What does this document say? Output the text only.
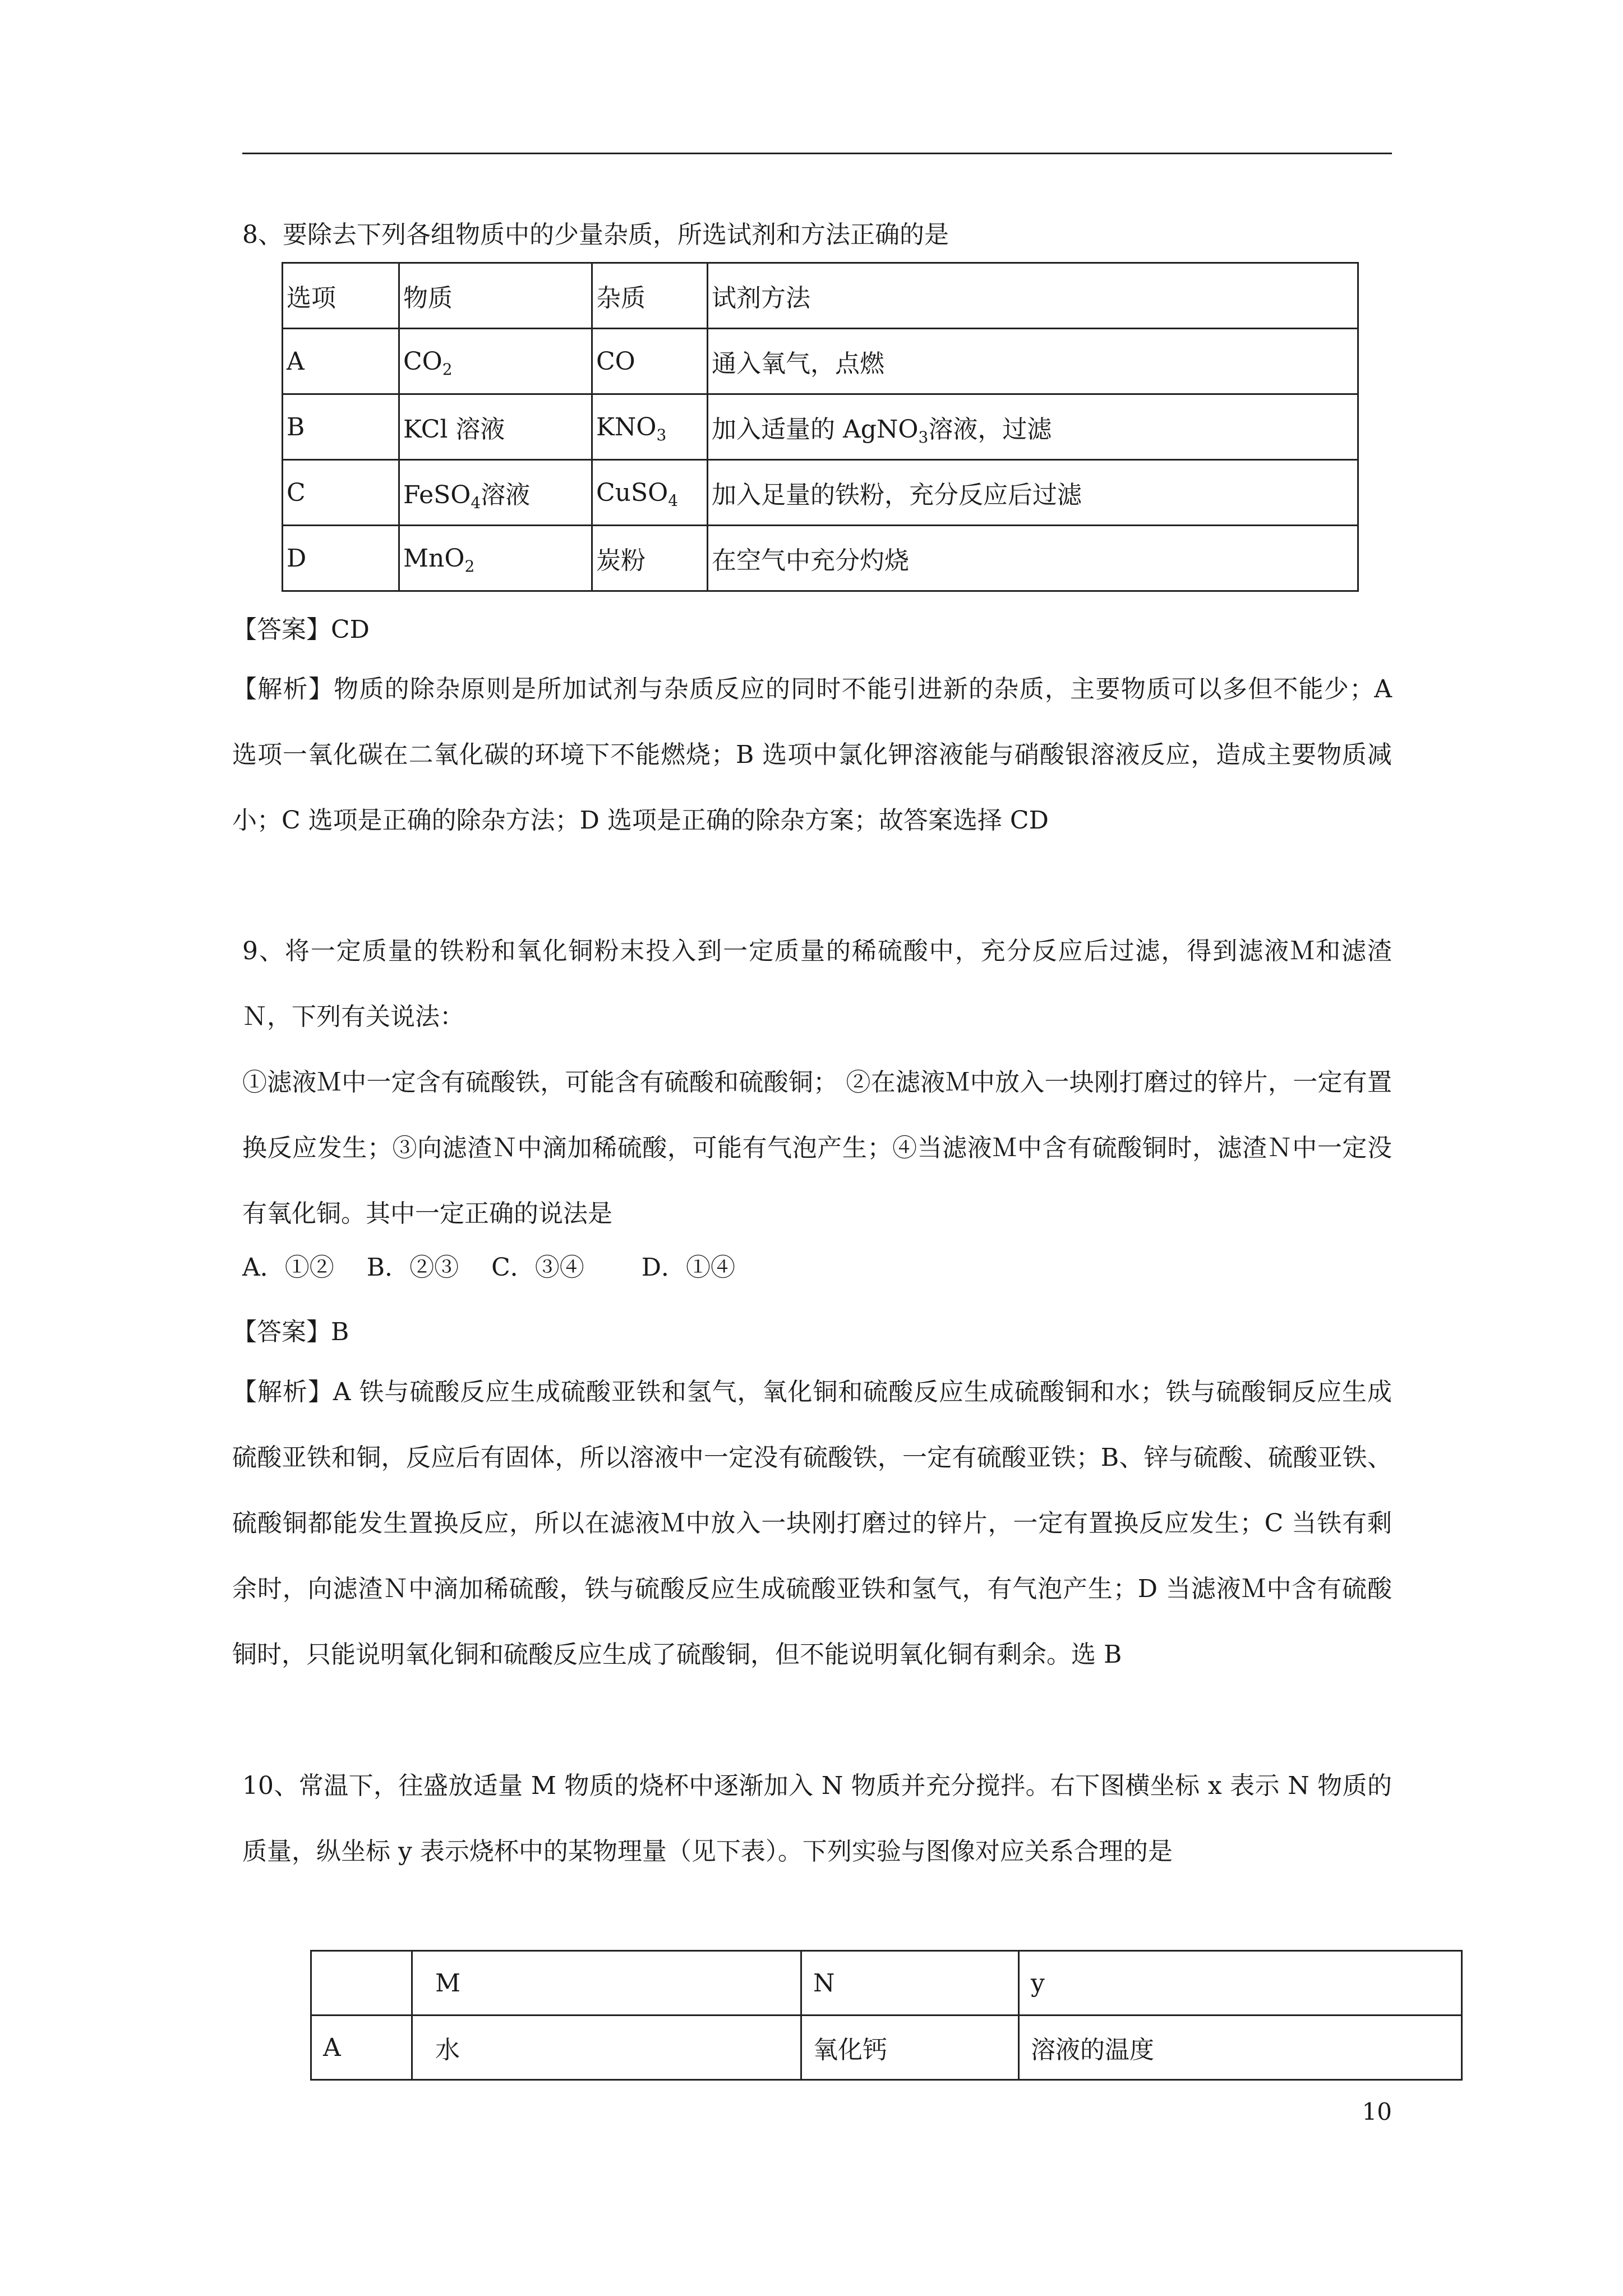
8、要除去下列各组物质中的少量杂质，所选试剂和方法正确的是
选项	物质	杂质	试剂方法
A	$CO_2$	CO	通入氧气，点燃
B	KCl 溶液	$KNO_3$	加入适量的 AgNO$_3$溶液，过滤
C	FeSO$_4$溶液	CuSO$_4$	加入足量的铁粉，充分反应后过滤
D	MnO$_2$	炭粉	在空气中充分灼烧
【答案】CD
【解析】物质的除杂原则是所加试剂与杂质反应的同时不能引进新的杂质，主要物质可以多但不能少；A 选项一氧化碳在二氧化碳的环境下不能燃烧；B 选项中氯化钾溶液能与硝酸银溶液反应，造成主要物质减小；C 选项是正确的除杂方法；D 选项是正确的除杂方案；故答案选择 CD
9、将一定质量的铁粉和氧化铜粉末投入到一定质量的稀硫酸中，充分反应后过滤，得到滤液Ｍ和滤渣Ｎ，下列有关说法：
①滤液Ｍ中一定含有硫酸铁，可能含有硫酸和硫酸铜； ②在滤液Ｍ中放入一块刚打磨过的锌片，一定有置换反应发生；③向滤渣Ｎ中滴加稀硫酸，可能有气泡产生；④当滤液Ｍ中含有硫酸铜时，滤渣Ｎ中一定没有氧化铜。其中一定正确的说法是
A．①②　 B．②③　 C．③④　　 D．①④
【答案】B
【解析】A 铁与硫酸反应生成硫酸亚铁和氢气，氧化铜和硫酸反应生成硫酸铜和水；铁与硫酸铜反应生成硫酸亚铁和铜，反应后有固体，所以溶液中一定没有硫酸铁，一定有硫酸亚铁；B、锌与硫酸、硫酸亚铁、硫酸铜都能发生置换反应，所以在滤液Ｍ中放入一块刚打磨过的锌片，一定有置换反应发生；C 当铁有剩余时，向滤渣Ｎ中滴加稀硫酸，铁与硫酸反应生成硫酸亚铁和氢气，有气泡产生；D 当滤液Ｍ中含有硫酸铜时，只能说明氧化铜和硫酸反应生成了硫酸铜，但不能说明氧化铜有剩余。选 B
10、常温下，往盛放适量 M 物质的烧杯中逐渐加入 N 物质并充分搅拌。右下图横坐标 x 表示 N 物质的质量，纵坐标 y 表示烧杯中的某物理量（见下表）。下列实验与图像对应关系合理的是
	M	N	y
A	水	氧化钙	溶液的温度
10
